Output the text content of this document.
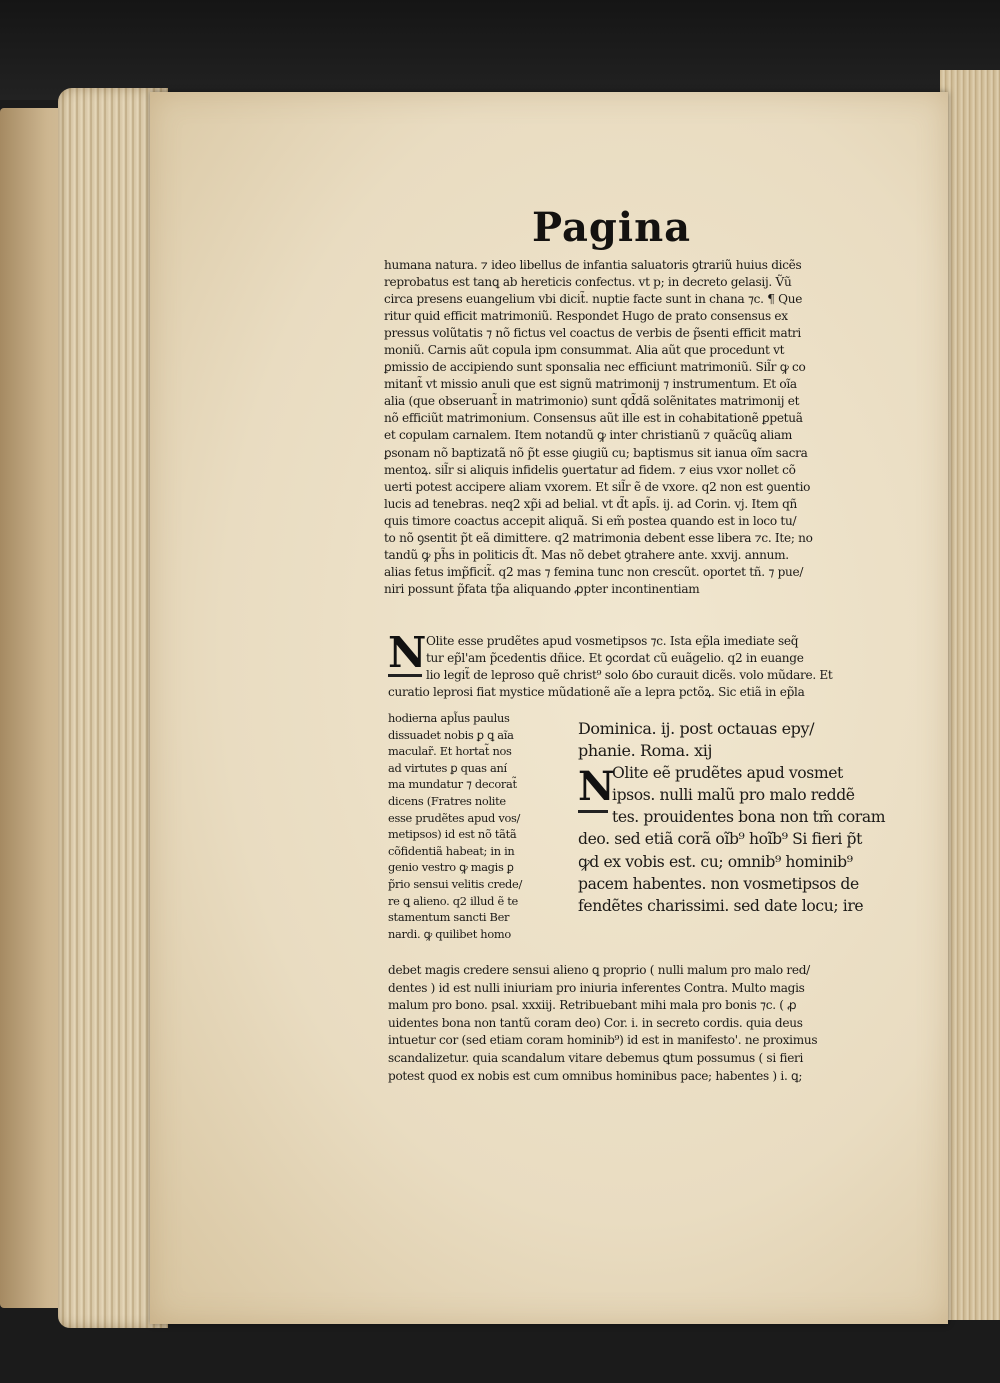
Pagina
humana natura. ⁊ ideo libellus de infantia saluatoris ꝯtrariũ huius dicẽs
reprobatus est tanꝗ ab hereticis confectus. vt p; in decreto gelasij. Ṽũ
circa presens euangelium vbi dicit̃. nuptie facte sunt in chana ⁊c. ¶ Que
ritur quid efficit matrimoniũ. Respondet Hugo de prato consensus ex
pressus volũtatis ⁊ nõ fictus vel coactus de verbis de p̃senti efficit matri
moniũ. Carnis aũt copula ipm consummat. Alia aũt que procedunt vt
ꝑmissio de accipiendo sunt sponsalia nec efficiunt matrimoniũ. Sil̃r ꝙ co
mitant̃ vt missio anuli que est signũ matrimonij ⁊ instrumentum. Et oĩa
alia (que obseruant̃ in matrimonio) sunt qd̃dã solẽnitates matrimonij et
nõ efficiũt matrimonium. Consensus aũt ille est in cohabitationẽ ꝑpetuã
et copulam carnalem. Item notandũ ꝙ inter christianũ ⁊ quãcũꝗ aliam
ꝑsonam nõ baptizatã nõ p̃t esse ꝯiugiũ cu; baptismus sit ianua oĩm sacra
mentoꝝ. sil̃r si aliquis infidelis ꝯuertatur ad fidem. ⁊ eius vxor nollet cõ
uerti potest accipere aliam vxorem. Et sil̃r ẽ de vxore. q2 non est ꝯuentio
lucis ad tenebras. neq2 xp̃i ad belial. vt d̃t apl̃s. ij. ad Corin. vj. Item qñ
quis timore coactus accepit aliquã. Si em̃ postea quando est in loco tu/
to nõ ꝯsentit p̃t eã dimittere. q2 matrimonia debent esse libera ⁊c. Ite; no
tandũ ꝙ ph̃s in politicis d̃t. Mas nõ debet ꝯtrahere ante. xxvij. annum.
alias fetus imp̃ficit̃. q2 mas ⁊ femina tunc non crescũt. oportet tñ. ⁊ pue/
niri possunt p̃fata tp̃a aliquando ꝓpter incontinentiam
N Olite esse prudẽtes apud vosmetipsos ⁊c. Ista ep̃la imediate seq̃
tur ep̃l'am p̃cedentis dñice. Et ꝯcordat cũ euãgelio. q2 in euange
lio legit̃ de leproso quẽ christ⁹ solo ỽbo curauit dicẽs. volo mũdare. Et
curatio leprosi fiat mystice mũdationẽ aĩe a lepra pctõꝝ. Sic etiã in ep̃la
hodierna apl̃us paulus
dissuadet nobis ꝑ ꝗ aĩa
macular̃. Et hortat̃ nos
ad virtutes ꝑ quas aní
ma mundatur ⁊ decorat̃
dicens (Fratres nolite
esse prudẽtes apud vos/
metipsos) id est nõ tãtã
cõfidentiã habeat; in in
genio vestro ꝙ magis ꝑ
p̃rio sensui velitis crede/
re ꝗ alieno. q2 illud ẽ te
stamentum sancti Ber
nardi. ꝙ quilibet homo
Dominica. ij. post octauas epy/
phanie. Roma. xij
N
Olite eẽ prudẽtes apud vosmet
ipsos. nulli malũ pro malo reddẽ
tes. prouidentes bona non tm̃ coram
deo. sed etiã corã oĩb⁹ hoĩb⁹ Si fieri p̃t
ꝙd ex vobis est. cu; omnib⁹ hominib⁹
pacem habentes. non vosmetipsos de
fendẽtes charissimi. sed date locu; ire
debet magis credere sensui alieno ꝗ proprio ( nulli malum pro malo red/
dentes ) id est nulli iniuriam pro iniuria inferentes Contra. Multo magis
malum pro bono. psal. xxxiij. Retribuebant mihi mala pro bonis ⁊c. ( ꝓ
uidentes bona non tantũ coram deo) Cor. i. in secreto cordis. quia deus
intuetur cor (sed etiam coram hominib⁹) id est in manifesto'. ne proximus
scandalizetur. quia scandalum vitare debemus ꝗtum possumus ( si fieri
potest quod ex nobis est cum omnibus hominibus pace; habentes ) i. ꝗ;
